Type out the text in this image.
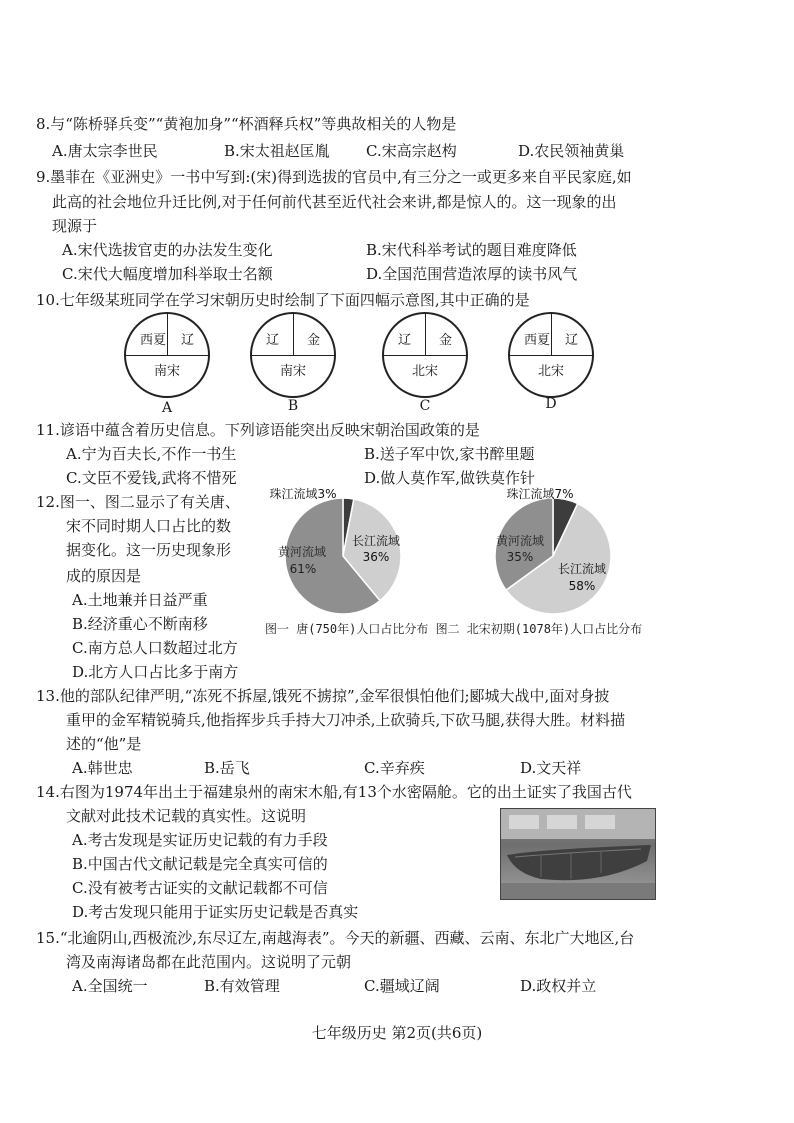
8.与“陈桥驿兵变”“黄袍加身”“杯酒释兵权”等典故相关的人物是
A.唐太宗李世民	B.宋太祖赵匡胤 C.宋高宗赵构	D.农民领袖黄巢
9.墨菲在《亚洲史》一书中写到:(宋)得到选拔的官员中,有三分之一或更多来自平民家庭,如
此高的社会地位升迁比例,对于任何前代甚至近代社会来讲,都是惊人的。这一现象的出
现源于
A.宋代选拔官吏的办法发生变化	B.宋代科举考试的题目难度降低
C.宋代大幅度增加科举取士名额	D.全国范围营造浓厚的读书风气
10.七年级某班同学在学习宋朝历史时绘制了下面四幅示意图,其中正确的是
西夏 辽
南宋
A
辽 金
南宋
B
辽 金
北宋
C
西夏 辽
北宋
D
11.谚语中蕴含着历史信息。下列谚语能突出反映宋朝治国政策的是
A.宁为百夫长,不作一书生	B.送子军中饮,家书醉里题
C.文臣不爱钱,武将不惜死	D.做人莫作军,做铁莫作针
12.图一、图二显示了有关唐、
宋不同时期人口占比的数
据变化。这一历史现象形
成的原因是
A.土地兼并日益严重
B.经济重心不断南移
C.南方总人口数超过北方
D.北方人口占比多于南方
黄河流域
61%
长江流域
36%
珠江流域3%
黄河流域
35%
长江流域
58%
珠江流域7%
图一 唐(750年)人口占比分布 图二 北宋初期(1078年)人口占比分布
13.他的部队纪律严明,“冻死不拆屋,饿死不掳掠”,金军很惧怕他们;郾城大战中,面对身披
重甲的金军精锐骑兵,他指挥步兵手持大刀冲杀,上砍骑兵,下砍马腿,获得大胜。材料描
述的“他”是
A.韩世忠	B.岳飞	C.辛弃疾	D.文天祥
14.右图为1974年出土于福建泉州的南宋木船,有13个水密隔舱。它的出土证实了我国古代
文献对此技术记载的真实性。这说明
A.考古发现是实证历史记载的有力手段
B.中国古代文献记载是完全真实可信的
C.没有被考古证实的文献记载都不可信
D.考古发现只能用于证实历史记载是否真实
15.“北逾阴山,西极流沙,东尽辽左,南越海表”。今天的新疆、西藏、云南、东北广大地区,台
湾及南海诸岛都在此范围内。这说明了元朝
A.全国统一	B.有效管理	C.疆域辽阔	D.政权并立
七年级历史 第2页(共6页)
